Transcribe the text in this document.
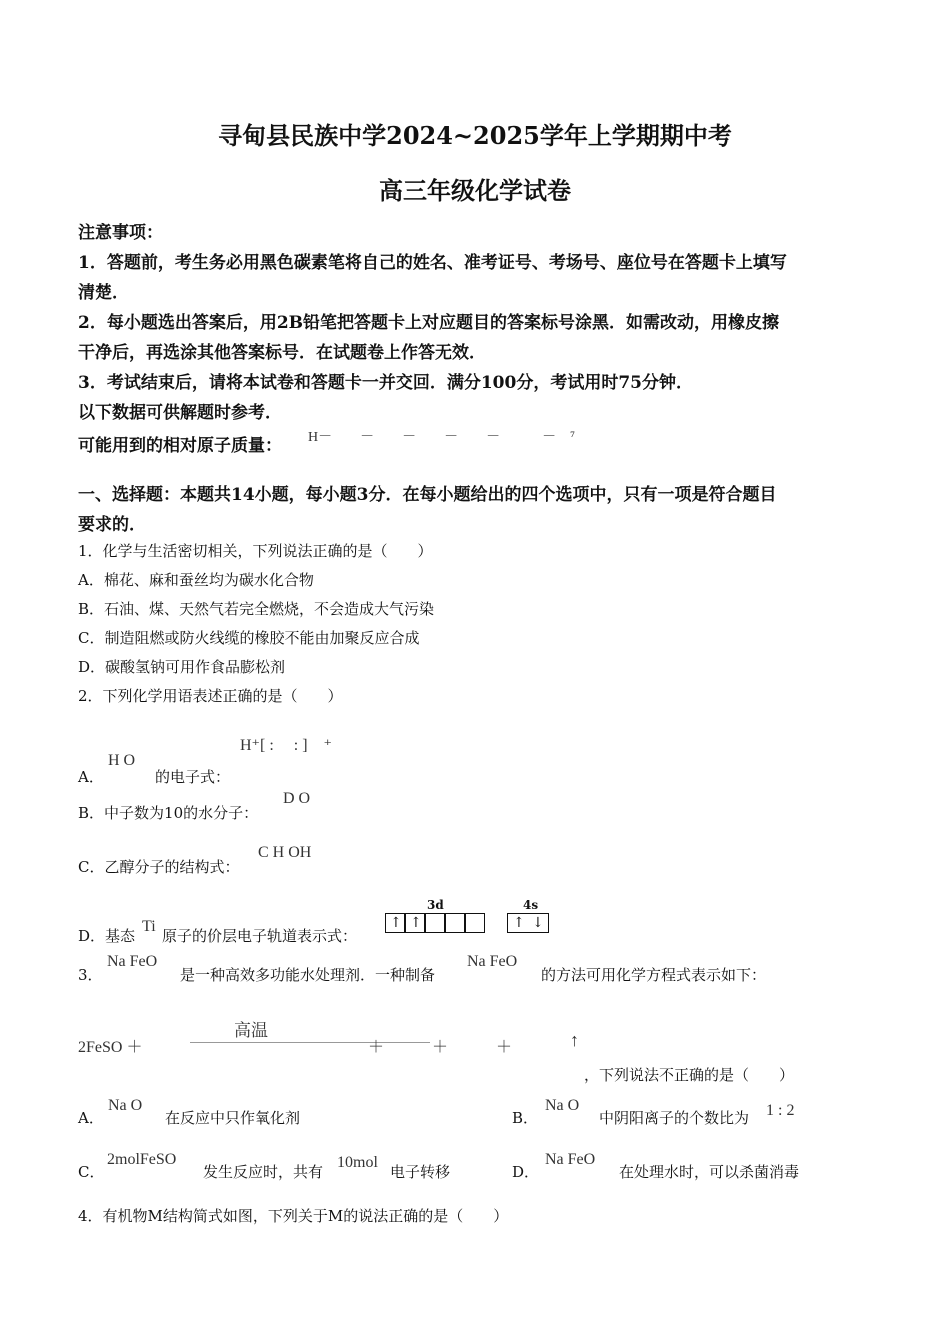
寻甸县民族中学2024~2025学年上学期期中考
高三年级化学试卷
注意事项：
1．答题前，考生务必用黑色碳素笔将自己的姓名、准考证号、考场号、座位号在答题卡上填写
清楚．
2．每小题选出答案后，用2B铅笔把答题卡上对应题目的答案标号涂黑．如需改动，用橡皮擦
干净后，再选涂其他答案标号．在试题卷上作答无效．
3．考试结束后，请将本试卷和答题卡一并交回．满分100分，考试用时75分钟．
以下数据可供解题时参考．
可能用到的相对原子质量： H－　　－　　－　　－　　－　　　－　⁷
一、选择题：本题共14小题，每小题3分．在每小题给出的四个选项中，只有一项是符合题目
要求的．
1．化学与生活密切相关，下列说法正确的是（　　）
A．棉花、麻和蚕丝均为碳水化合物
B．石油、煤、天然气若完全燃烧，不会造成大气污染
C．制造阻燃或防火线缆的橡胶不能由加聚反应合成
D．碳酸氢钠可用作食品膨松剂
2．下列化学用语表述正确的是（　　）
H⁺[ :　 : ]　⁺
A．
H O
的电子式：
B．中子数为10的水分子：
D O
C．乙醇分子的结构式：
C H OH
D．基态
Ti
原子的价层电子轨道表示式：
3d	4s
↑ ↑	↑ ↓
3．
Na FeO
是一种高效多功能水处理剂．一种制备
Na FeO
的方法可用化学方程式表示如下：
高温
2FeSO ＋	＋　　　＋　　　＋	↑
，下列说法不正确的是（　　）
A．
Na O
在反应中只作氧化剂	B．
Na O
中阴阳离子的个数比为 1 : 2
C．
2molFeSO
发生反应时，共有
10mol
电子转移	D．
Na FeO
在处理水时，可以杀菌消毒
4．有机物M结构简式如图，下列关于M的说法正确的是（　　）
